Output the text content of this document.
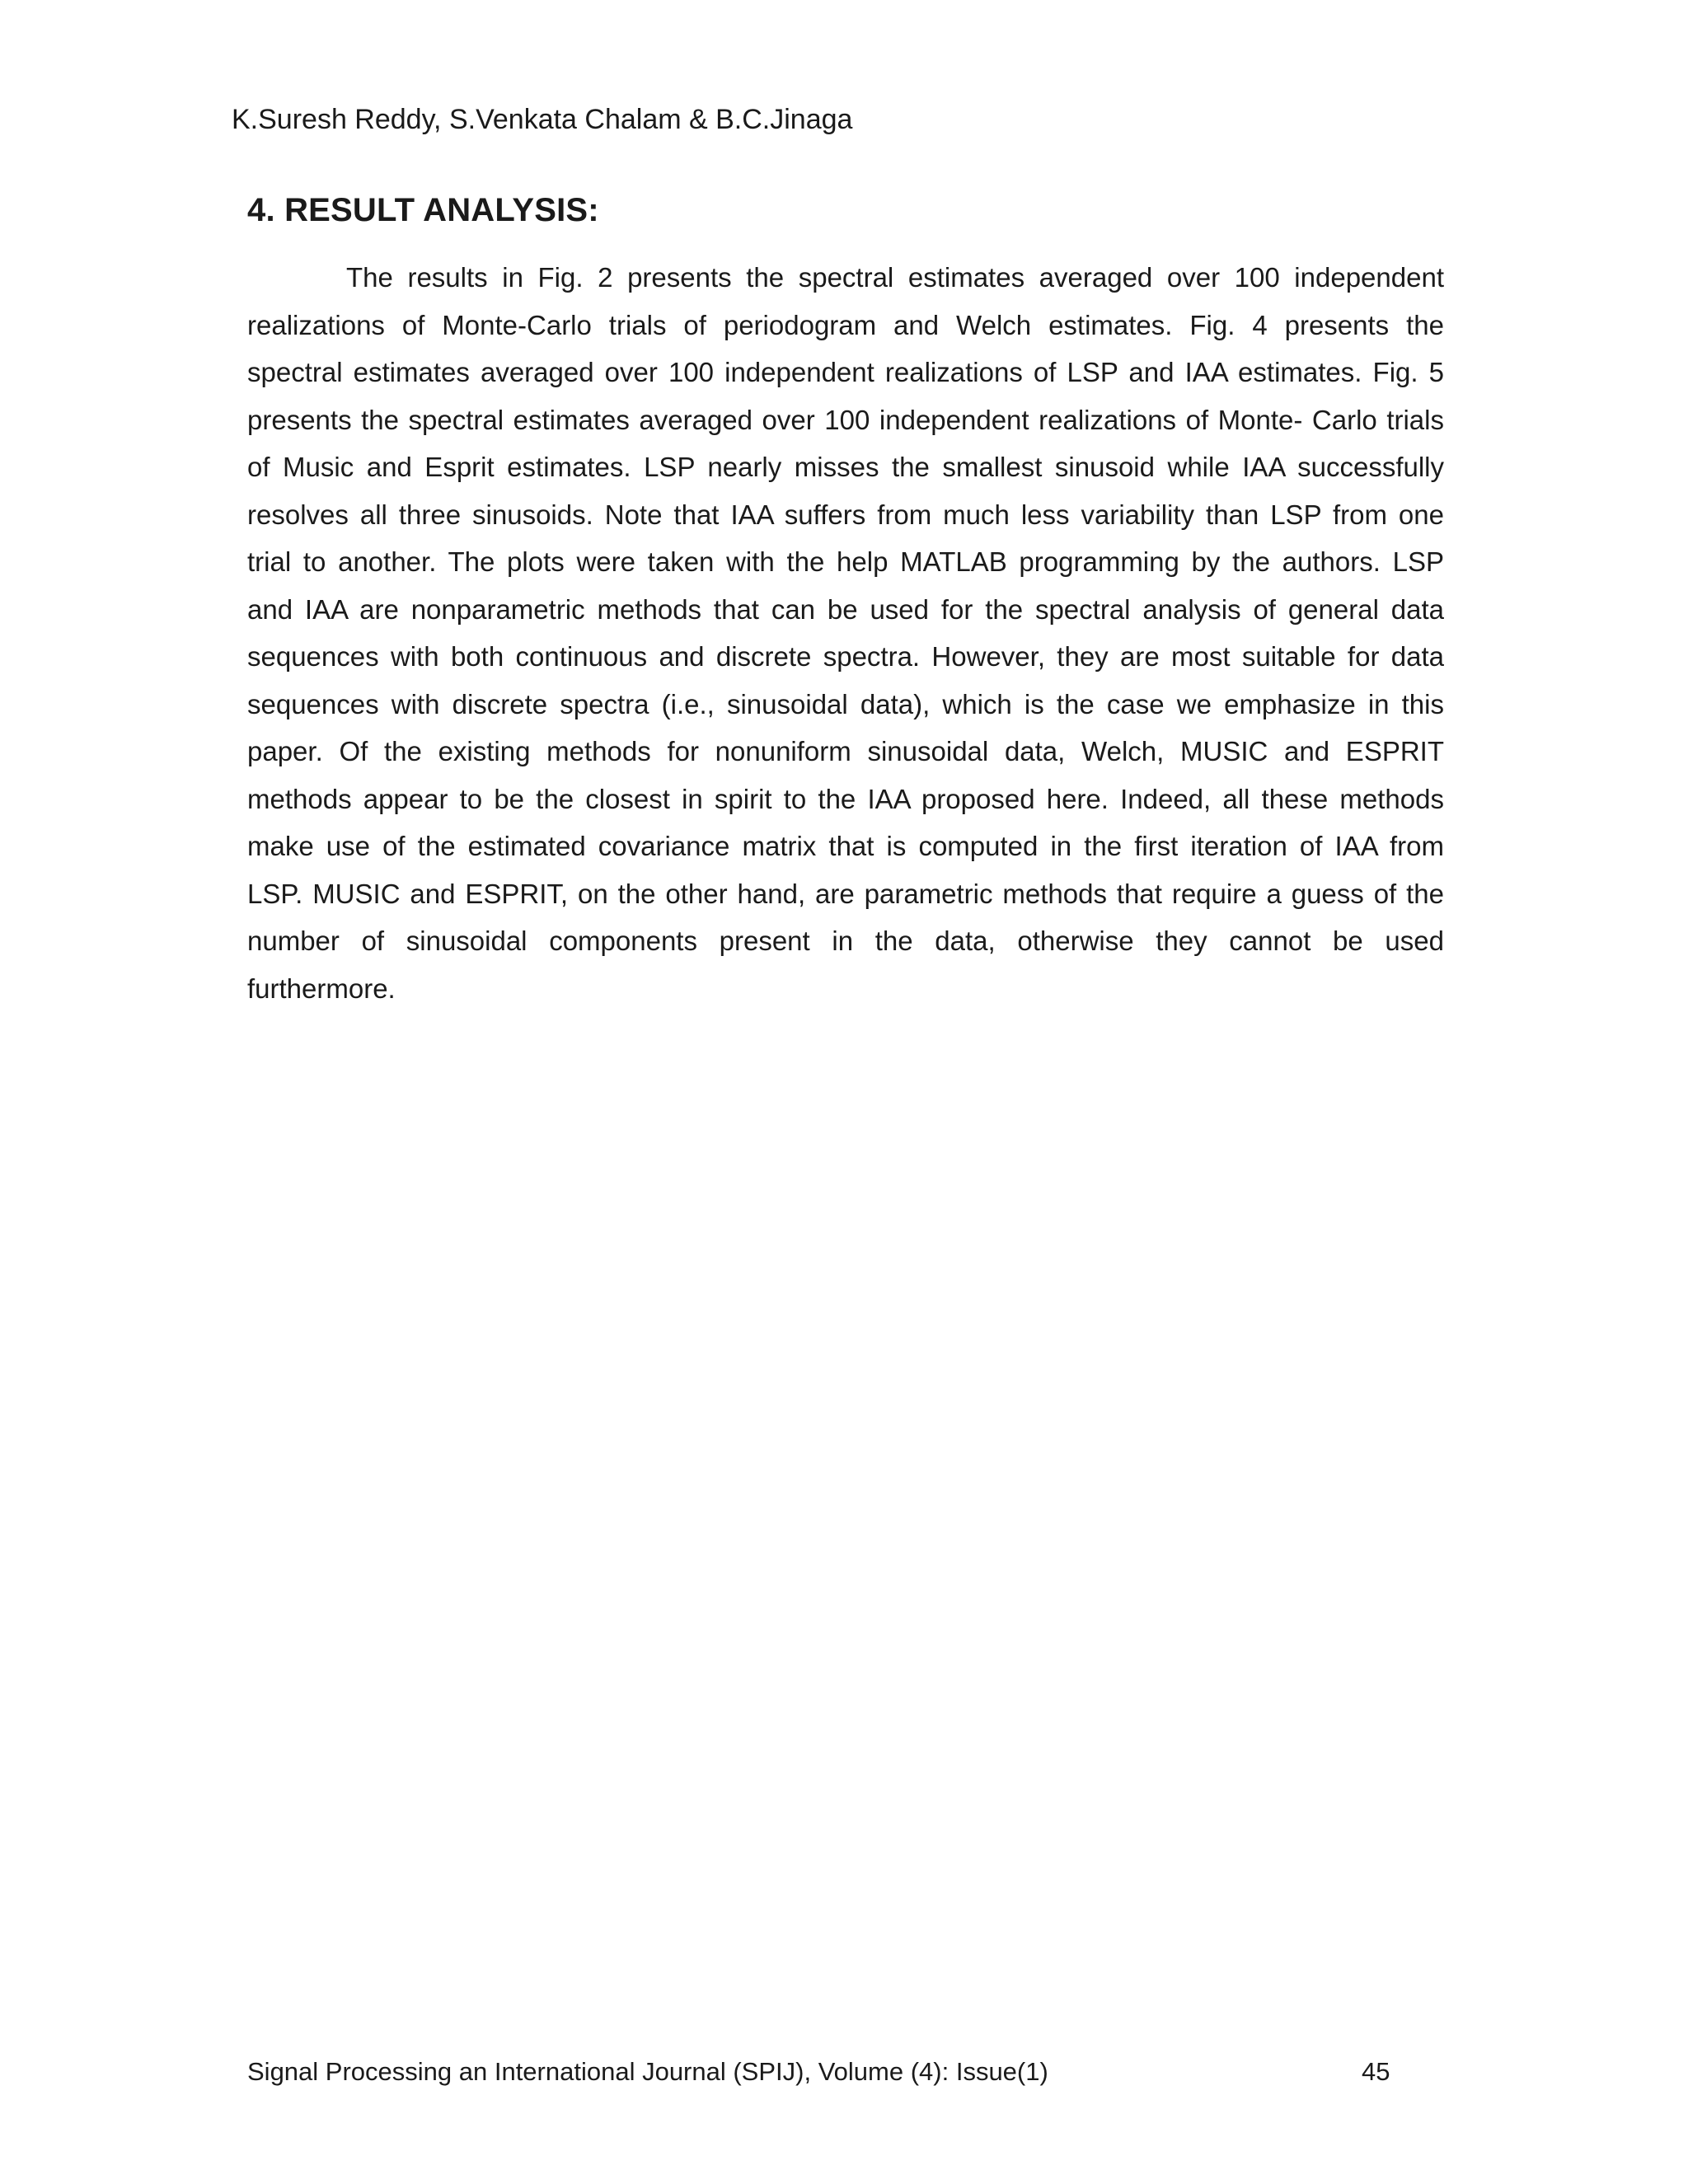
K.Suresh Reddy, S.Venkata Chalam & B.C.Jinaga
4. RESULT ANALYSIS:
The results in Fig. 2 presents the spectral estimates averaged over 100 independent
realizations of Monte-Carlo trials of periodogram and Welch estimates. Fig. 4 presents the
spectral estimates averaged over 100 independent realizations of LSP and IAA estimates. Fig. 5
presents the spectral estimates averaged over 100 independent realizations of Monte- Carlo trials
of Music and Esprit estimates. LSP nearly misses the smallest sinusoid while IAA successfully
resolves all three sinusoids. Note that IAA suffers from much less variability than LSP from one
trial to another. The plots were taken with the help MATLAB programming by the authors. LSP
and IAA are nonparametric methods that can be used for the spectral analysis of general data
sequences with both continuous and discrete spectra. However, they are most suitable for data
sequences with discrete spectra (i.e., sinusoidal data), which is the case we emphasize in this
paper. Of the existing methods for nonuniform sinusoidal data, Welch, MUSIC and ESPRIT
methods appear to be the closest in spirit to the IAA proposed here. Indeed, all these methods
make use of the estimated covariance matrix that is computed in the first iteration of IAA from
LSP. MUSIC and ESPRIT, on the other hand, are parametric methods that require a guess of the
number of sinusoidal components present in the data, otherwise they cannot be used
furthermore.
Signal Processing an International Journal (SPIJ), Volume (4): Issue(1)	45
